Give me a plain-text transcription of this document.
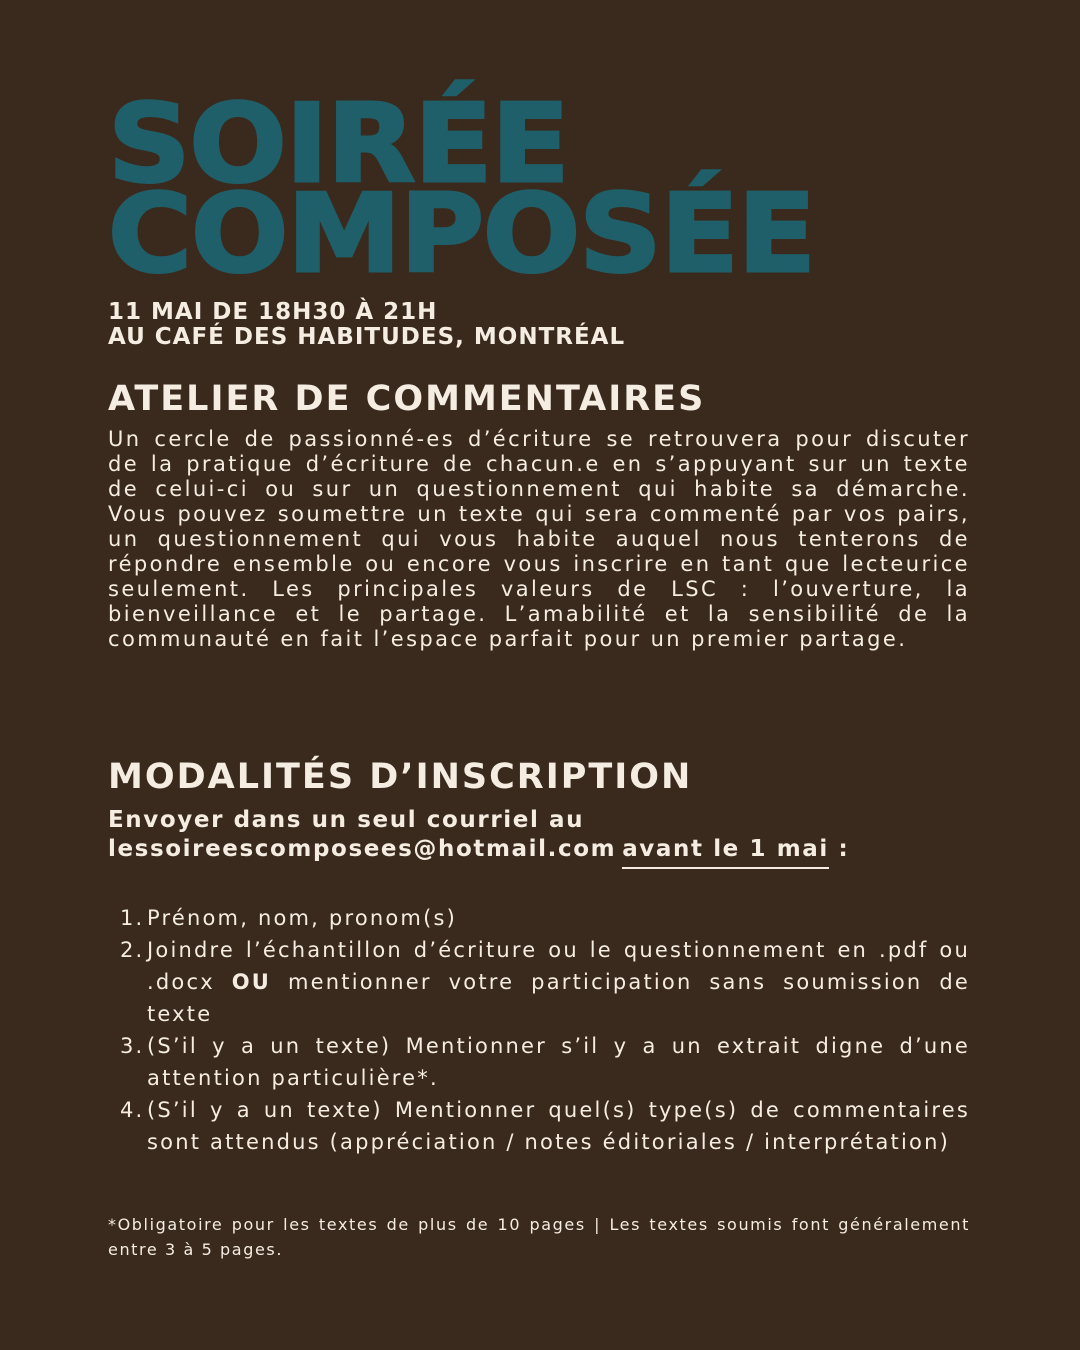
SOIRÉE
COMPOSÉE
11 MAI DE 18H30 À 21H
AU CAFÉ DES HABITUDES, MONTRÉAL
ATELIER DE COMMENTAIRES

Un cercle de passionné-es d’écriture se retrouvera pour discuter de la pratique d’écriture de chacun.e en s’appuyant sur un texte de celui-ci ou sur un questionnement qui habite sa démarche. Vous pouvez soumettre un texte qui sera commenté par vos pairs, un questionnement qui vous habite auquel nous tenterons de répondre ensemble ou encore vous inscrire en tant que lecteurice seulement. Les principales valeurs de LSC : l’ouverture, la bienveillance et le partage. L’amabilité et la sensibilité de la communauté en fait l’espace parfait pour un premier partage.

MODALITÉS D’INSCRIPTION
Envoyer dans un seul courriel au
lessoireescomposees@hotmail.com avant le 1 mai :
1. Prénom, nom, pronom(s)
2. Joindre l’échantillon d’écriture ou le questionnement en .pdf ou .docx OU mentionner votre participation sans soumission de texte
3. (S’il y a un texte) Mentionner s’il y a un extrait digne d’une attention particulière*.
4. (S’il y a un texte) Mentionner quel(s) type(s) de commentaires sont attendus (appréciation / notes éditoriales / interprétation)

*Obligatoire pour les textes de plus de 10 pages | Les textes soumis font généralement entre 3 à 5 pages.
